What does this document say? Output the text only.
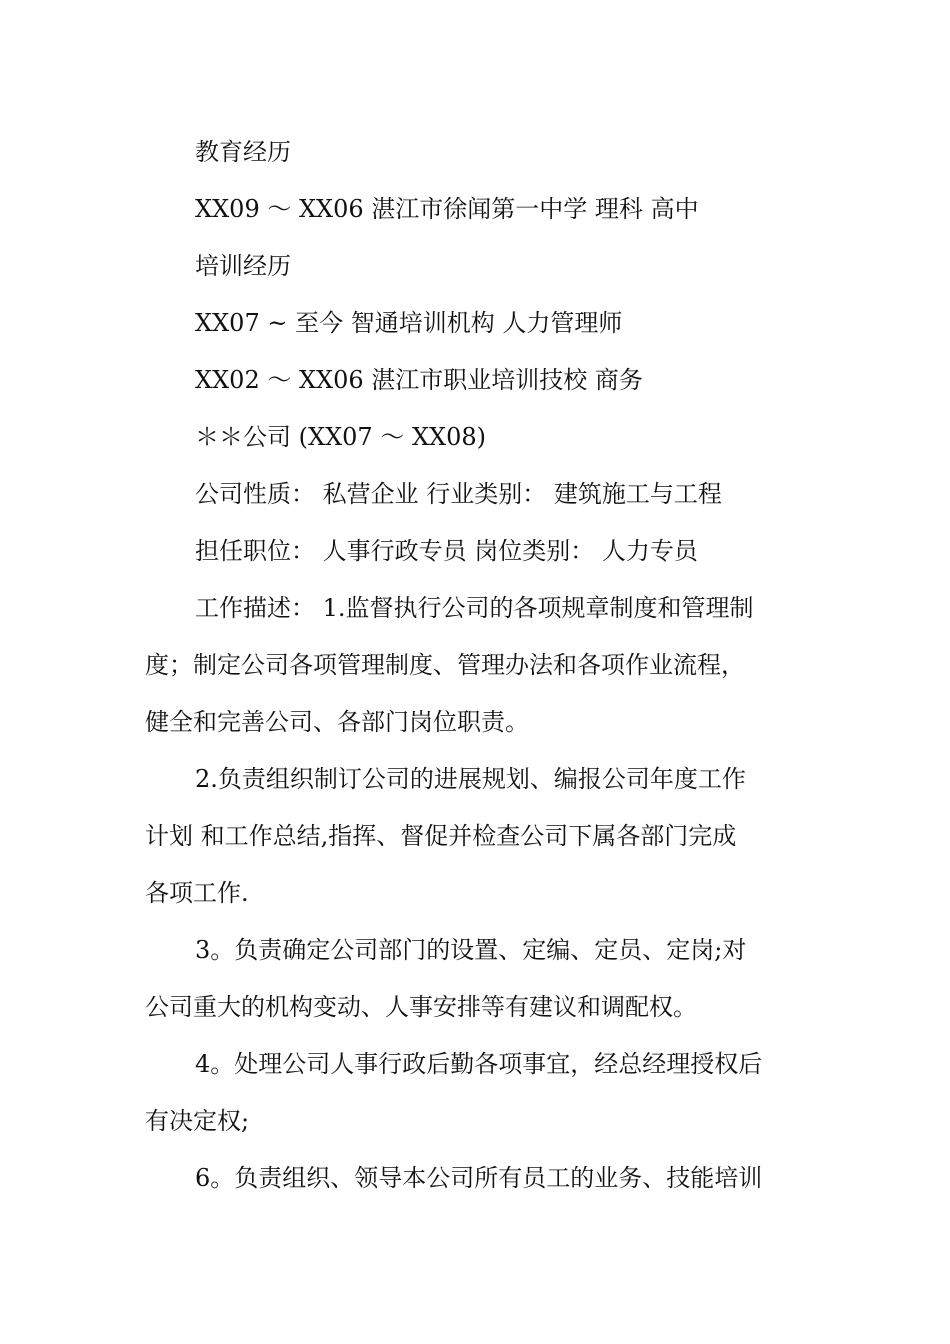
教育经历
XX09 ～ XX06 湛江市徐闻第一中学 理科 高中
培训经历
XX07 ~ 至今 智通培训机构 人力管理师
XX02 ～ XX06 湛江市职业培训技校 商务
＊＊公司 (XX07 ～ XX08)
公司性质： 私营企业 行业类别： 建筑施工与工程
担任职位： 人事行政专员 岗位类别： 人力专员
工作描述： 1.监督执行公司的各项规章制度和管理制
度；制定公司各项管理制度、管理办法和各项作业流程，
健全和完善公司、各部门岗位职责。
2.负责组织制订公司的进展规划、编报公司年度工作
计划 和工作总结,指挥、督促并检查公司下属各部门完成
各项工作.
3。负责确定公司部门的设置、定编、定员、定岗;对
公司重大的机构变动、人事安排等有建议和调配权。
4。处理公司人事行政后勤各项事宜，经总经理授权后
有决定权;
6。负责组织、领导本公司所有员工的业务、技能培训
